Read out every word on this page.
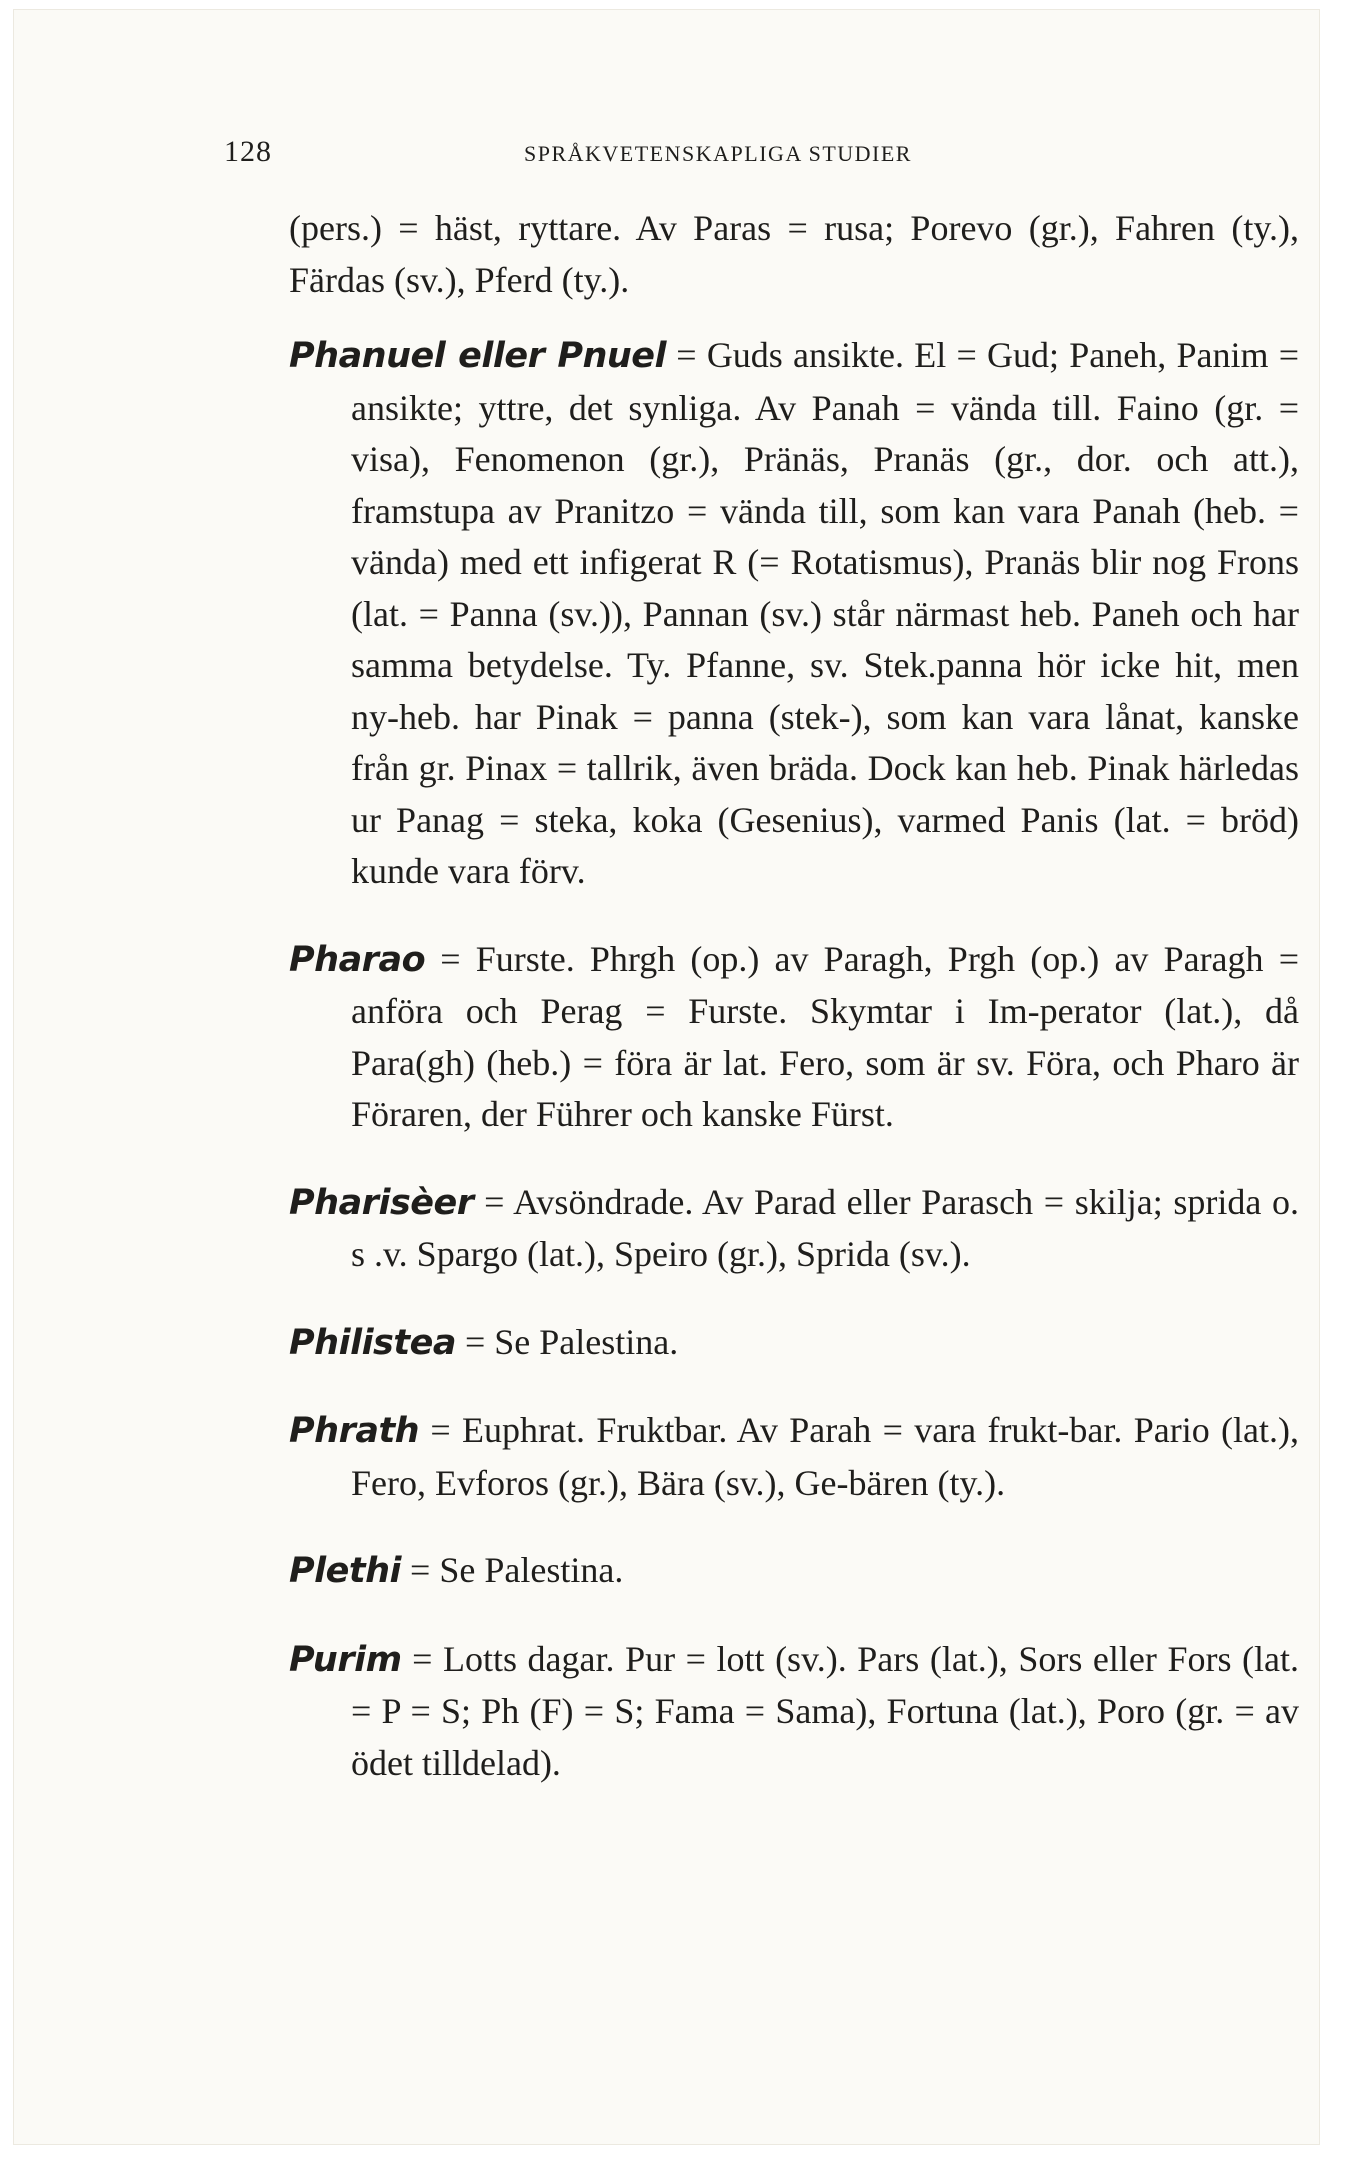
128	SPRÅKVETENSKAPLIGA STUDIER

(pers.) = häst, ryttare. Av Paras = rusa; Porevo (gr.), Fahren (ty.), Färdas (sv.), Pferd (ty.).

Phanuel eller Pnuel = Guds ansikte. El = Gud; Paneh, Panim = ansikte; yttre, det synliga. Av Panah = vända till. Faino (gr. = visa), Fenomenon (gr.), Pränäs, Pranäs (gr., dor. och att.), framstupa av Pranitzo = vända till, som kan vara Panah (heb. = vända) med ett infigerat R (= Rotatismus), Pranäs blir nog Frons (lat. = Panna (sv.)), Pannan (sv.) står närmast heb. Paneh och har samma betydelse. Ty. Pfanne, sv. Stek.panna hör icke hit, men ny-heb. har Pinak = panna (stek-), som kan vara lånat, kanske från gr. Pinax = tallrik, även bräda. Dock kan heb. Pinak härledas ur Panag = steka, koka (Gesenius), varmed Panis (lat. = bröd) kunde vara förv.

Pharao = Furste. Phrgh (op.) av Paragh, Prgh (op.) av Paragh = anföra och Perag = Furste. Skymtar i Im-perator (lat.), då Para(gh) (heb.) = föra är lat. Fero, som är sv. Föra, och Pharo är Föraren, der Führer och kanske Fürst.

Pharisèer = Avsöndrade. Av Parad eller Parasch = skilja; sprida o. s .v. Spargo (lat.), Speiro (gr.), Sprida (sv.).

Philistea = Se Palestina.

Phrath = Euphrat. Fruktbar. Av Parah = vara frukt-bar. Pario (lat.), Fero, Evforos (gr.), Bära (sv.), Ge-bären (ty.).

Plethi = Se Palestina.

Purim = Lotts dagar. Pur = lott (sv.). Pars (lat.), Sors eller Fors (lat. = P = S; Ph (F) = S; Fama = Sama), Fortuna (lat.), Poro (gr. = av ödet tilldelad).
